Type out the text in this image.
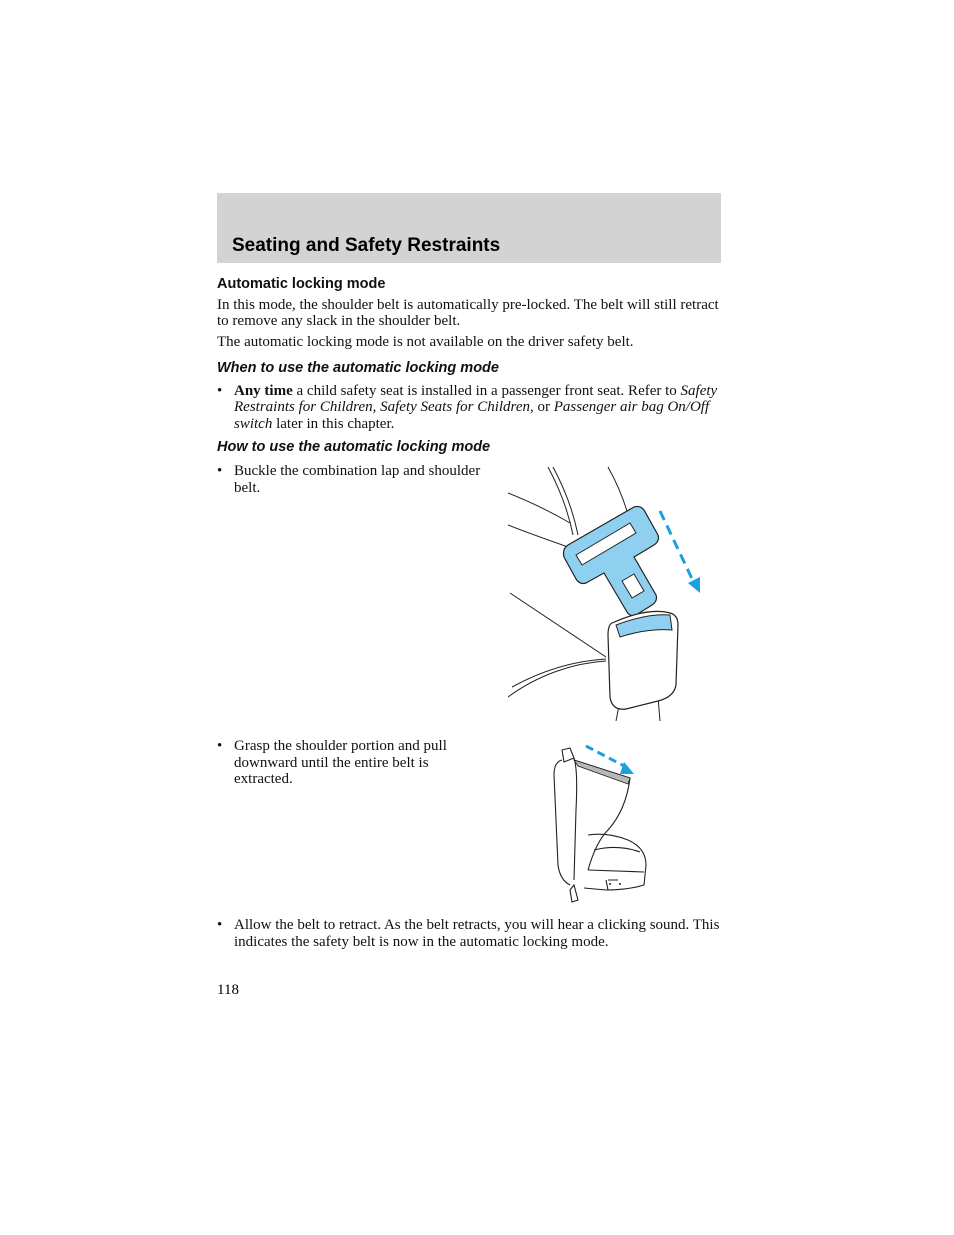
Seating and Safety Restraints
Automatic locking mode

In this mode, the shoulder belt is automatically pre-locked. The belt will still retract to remove any slack in the shoulder belt.

The automatic locking mode is not available on the driver safety belt.

When to use the automatic locking mode
• Any time a child safety seat is installed in a passenger front seat. Refer to Safety Restraints for Children, Safety Seats for Children, or Passenger air bag On/Off switch later in this chapter.
How to use the automatic locking mode
• Buckle the combination lap and shoulder belt.
• Grasp the shoulder portion and pull downward until the entire belt is extracted.
• Allow the belt to retract. As the belt retracts, you will hear a clicking sound. This indicates the safety belt is now in the automatic locking mode.
118
